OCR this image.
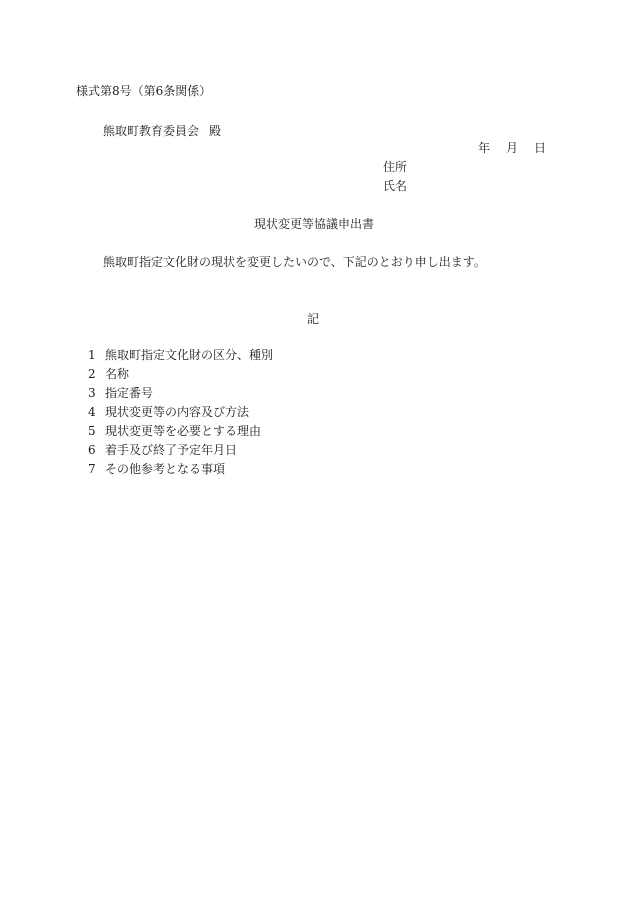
様式第8号（第6条関係）
熊取町教育委員会 殿
年 月 日
住所
氏名
現状変更等協議申出書
熊取町指定文化財の現状を変更したいので、下記のとおり申し出ます。
記
1 熊取町指定文化財の区分、種別
2 名称
3 指定番号
4 現状変更等の内容及び方法
5 現状変更等を必要とする理由
6 着手及び終了予定年月日
7 その他参考となる事項
